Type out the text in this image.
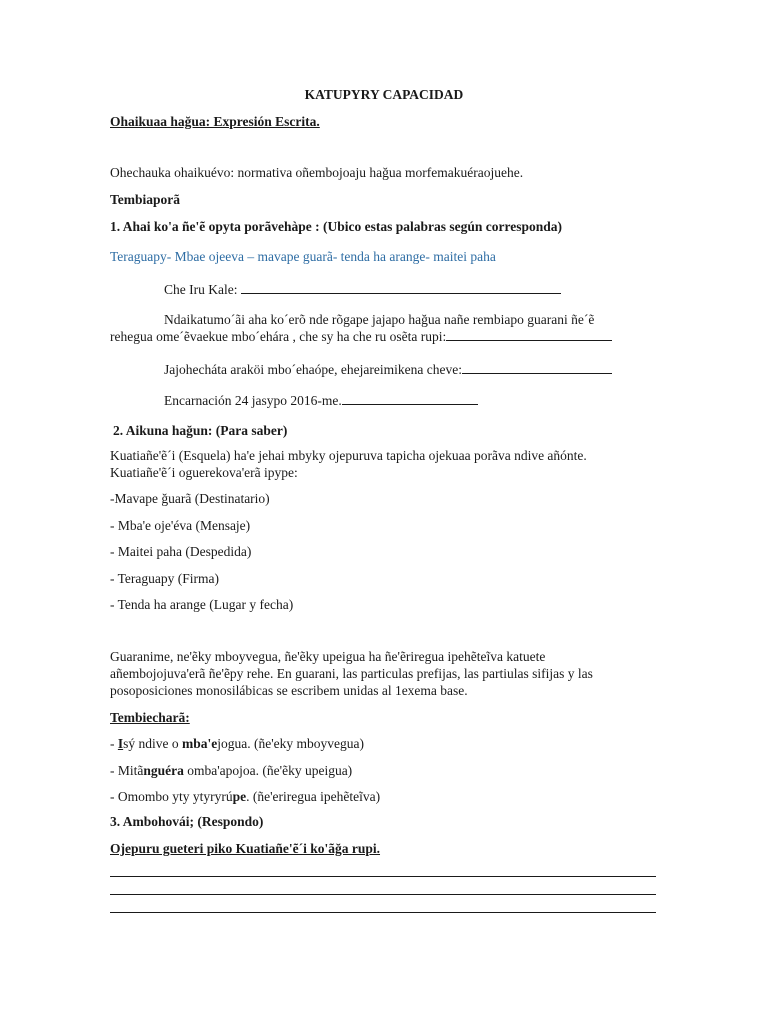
KATUPYRY CAPACIDAD
Ohaikuaa hağua: Expresión Escrita.
Ohechauka ohaikuévo: normativa oñembojoaju hağua morfemakuéraojuehe.
Tembiaporã
1. Ahai ko'a ñe'ẽ opyta porãvehàpe : (Ubico estas palabras según corresponda)
Teraguapy- Mbae ojeeva – mavape guarã- tenda ha arange- maitei paha
Che Iru Kale:
Ndaikatumo´ãi aha ko´erõ nde rõgape jajapo hağua nañe rembiapo guarani ñe´ẽ
rehegua ome´ẽvaekue mbo´ehára , che sy ha che ru osẽta rupi:
Jajohecháta araköi mbo´ehaópe, ehejareimikena cheve:
Encarnación 24 jasypo 2016-me.
2. Aikuna hağun: (Para saber)
Kuatiañe'ẽ´i (Esquela) ha'e jehai mbyky ojepuruva tapicha ojekuaa porãva ndive añónte.
Kuatiañe'ẽ´i oguerekova'erã ipype:
-Mavape ğuarã (Destinatario)
- Mba'e oje'éva (Mensaje)
- Maitei paha (Despedida)
- Teraguapy (Firma)
- Tenda ha arange (Lugar y fecha)
Guaranime, ne'ẽky mboyvegua, ñe'ẽky upeigua ha ñe'ẽriregua ipehẽteĩva katuete
añembojojuva'erã ñe'ẽpy rehe. En guarani, las particulas prefijas, las partiulas sifijas y las
posoposiciones monosilábicas se escribem unidas al 1exema base.
Tembiecharã:
- Isý ndive o mba'ejogua. (ñe'eky mboyvegua)
- Mitãnguéra omba'apojoa. (ñe'ẽky upeigua)
- Omombo yty ytyryrúpe. (ñe'eriregua ipehẽteĩva)
3. Ambohovái; (Respondo)
Ojepuru gueteri piko Kuatiañe'ẽ´i ko'ãğa rupi.
